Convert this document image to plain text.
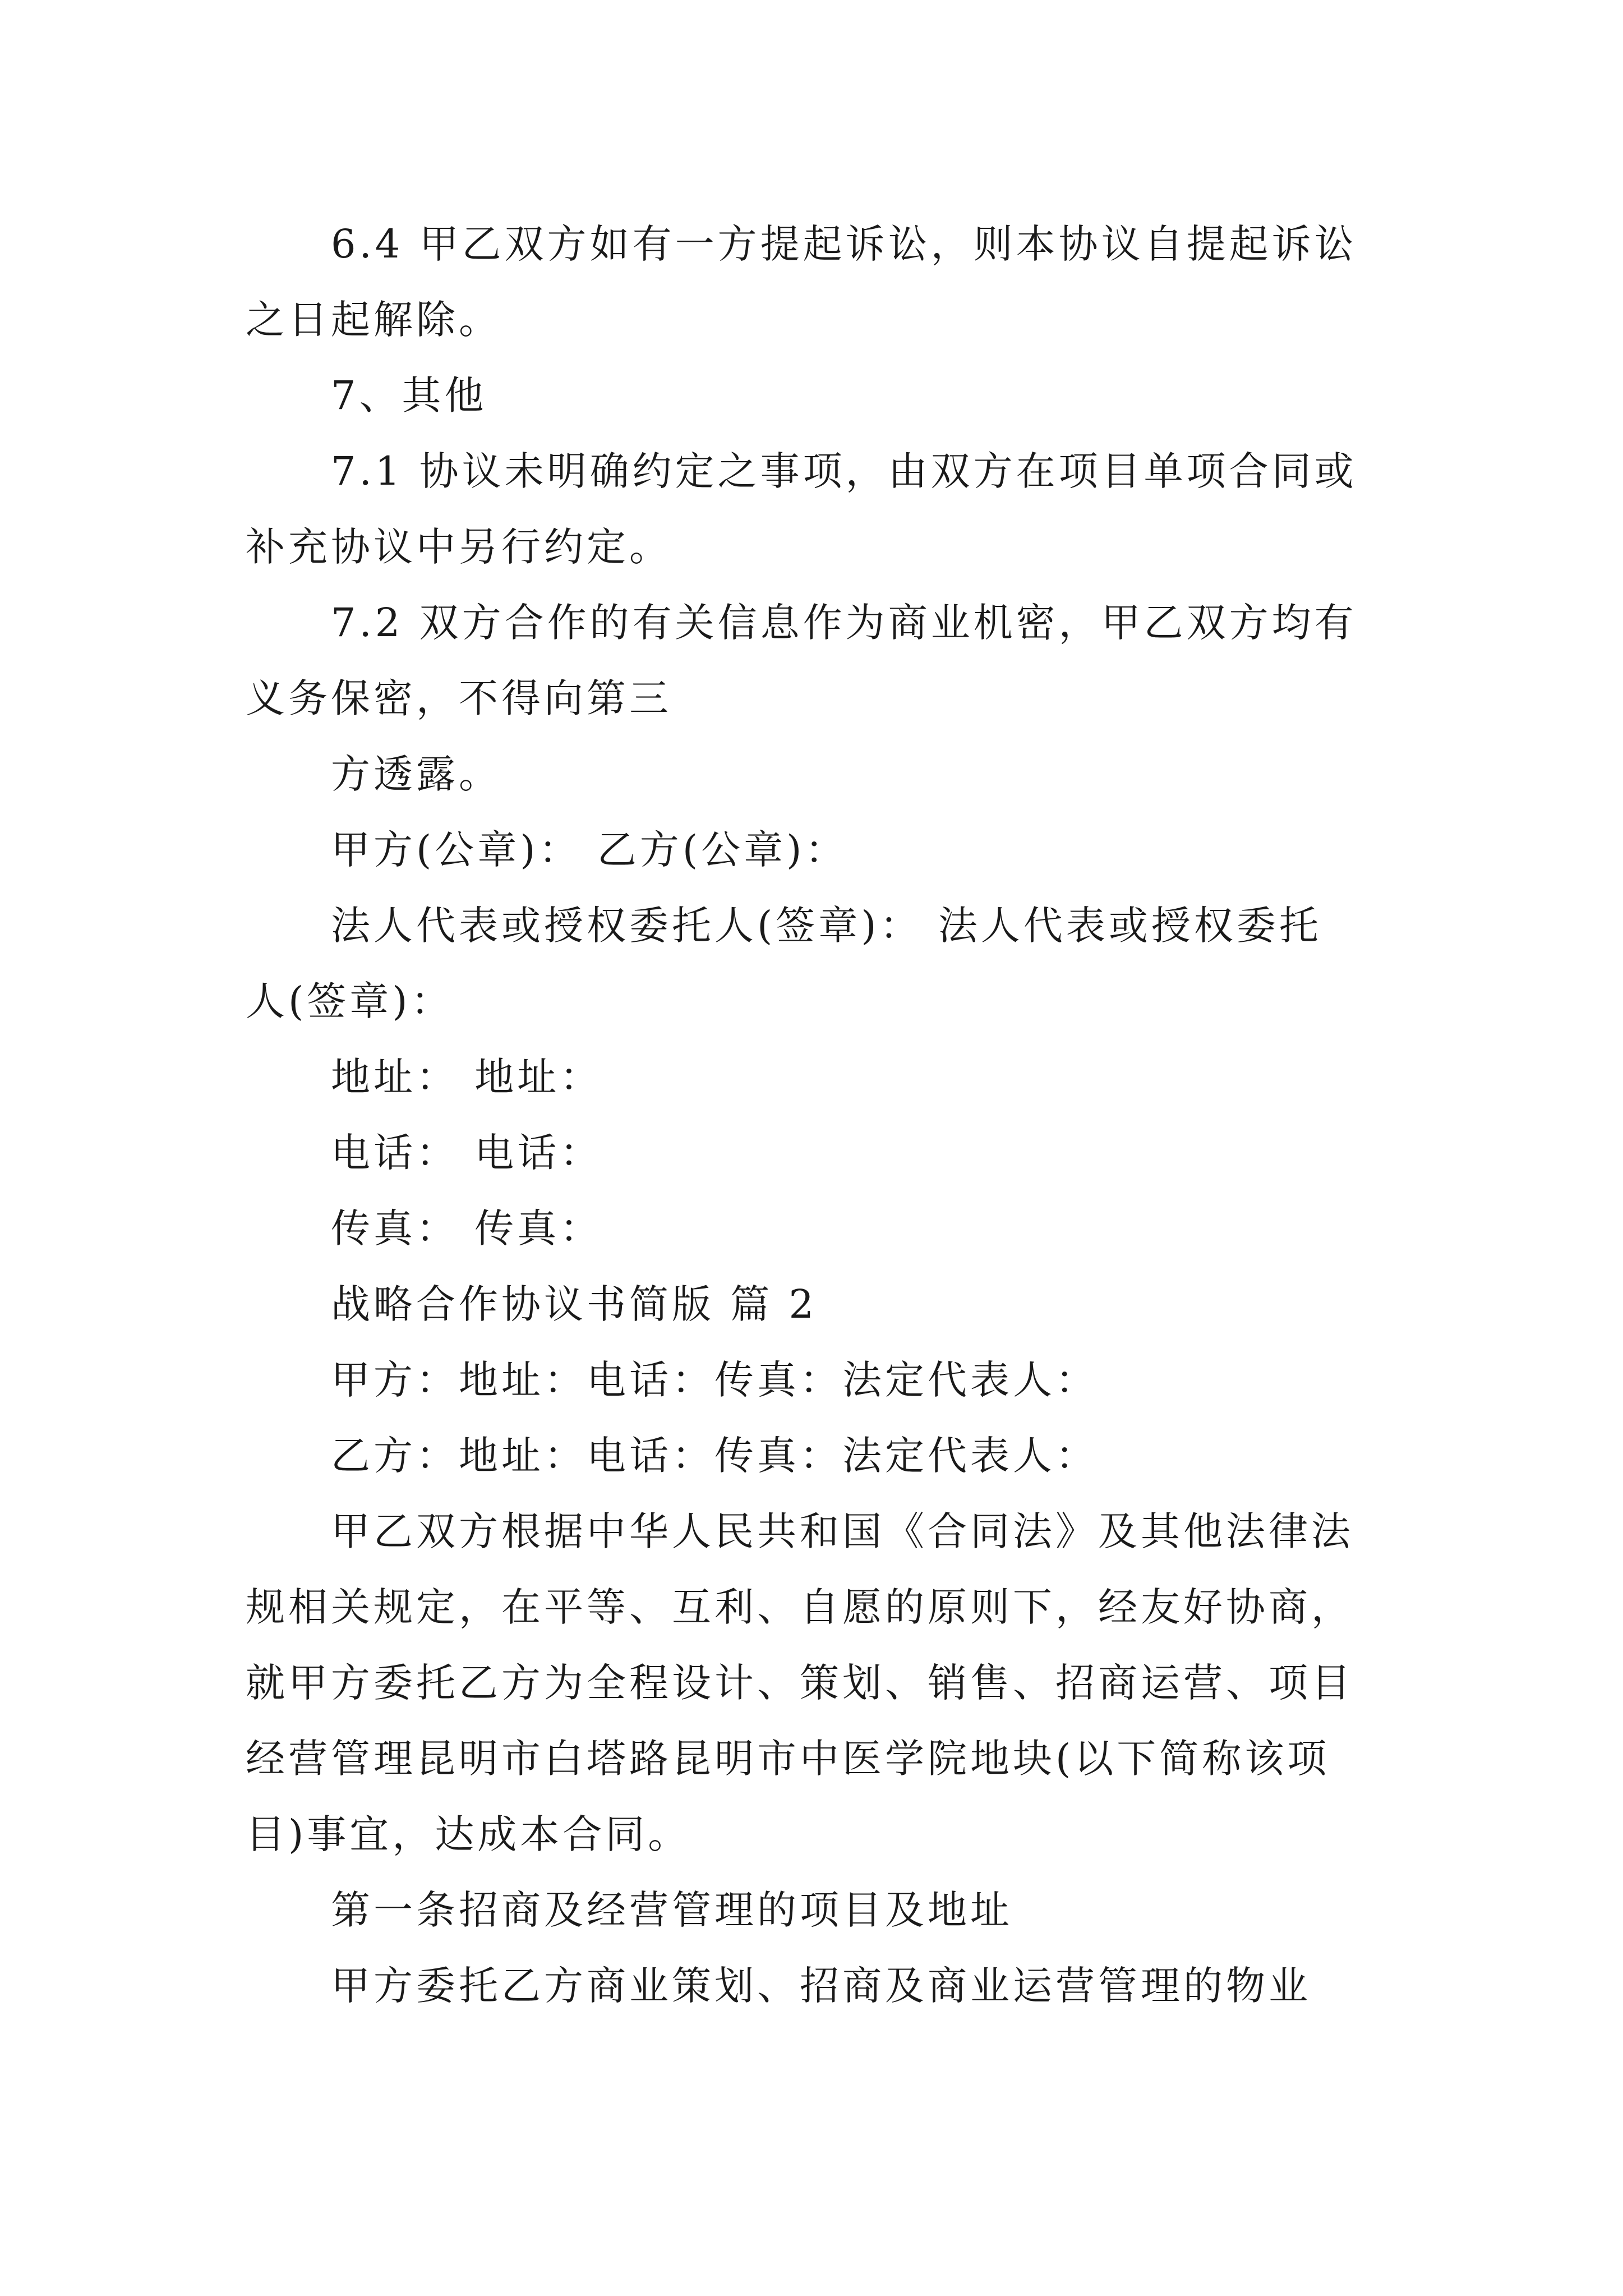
6.4 甲乙双方如有一方提起诉讼，则本协议自提起诉讼
之日起解除。
7、其他
7.1 协议未明确约定之事项，由双方在项目单项合同或
补充协议中另行约定。
7.2 双方合作的有关信息作为商业机密，甲乙双方均有
义务保密，不得向第三
方透露。
甲方(公章)： 乙方(公章)：
法人代表或授权委托人(签章)： 法人代表或授权委托
人(签章)：
地址： 地址：
电话： 电话：
传真： 传真：
战略合作协议书简版 篇 2
甲方：地址：电话：传真：法定代表人：
乙方：地址：电话：传真：法定代表人：
甲乙双方根据中华人民共和国《合同法》及其他法律法
规相关规定，在平等、互利、自愿的原则下，经友好协商，
就甲方委托乙方为全程设计、策划、销售、招商运营、项目
经营管理昆明市白塔路昆明市中医学院地块(以下简称该项
目)事宜，达成本合同。
第一条招商及经营管理的项目及地址
甲方委托乙方商业策划、招商及商业运营管理的物业
